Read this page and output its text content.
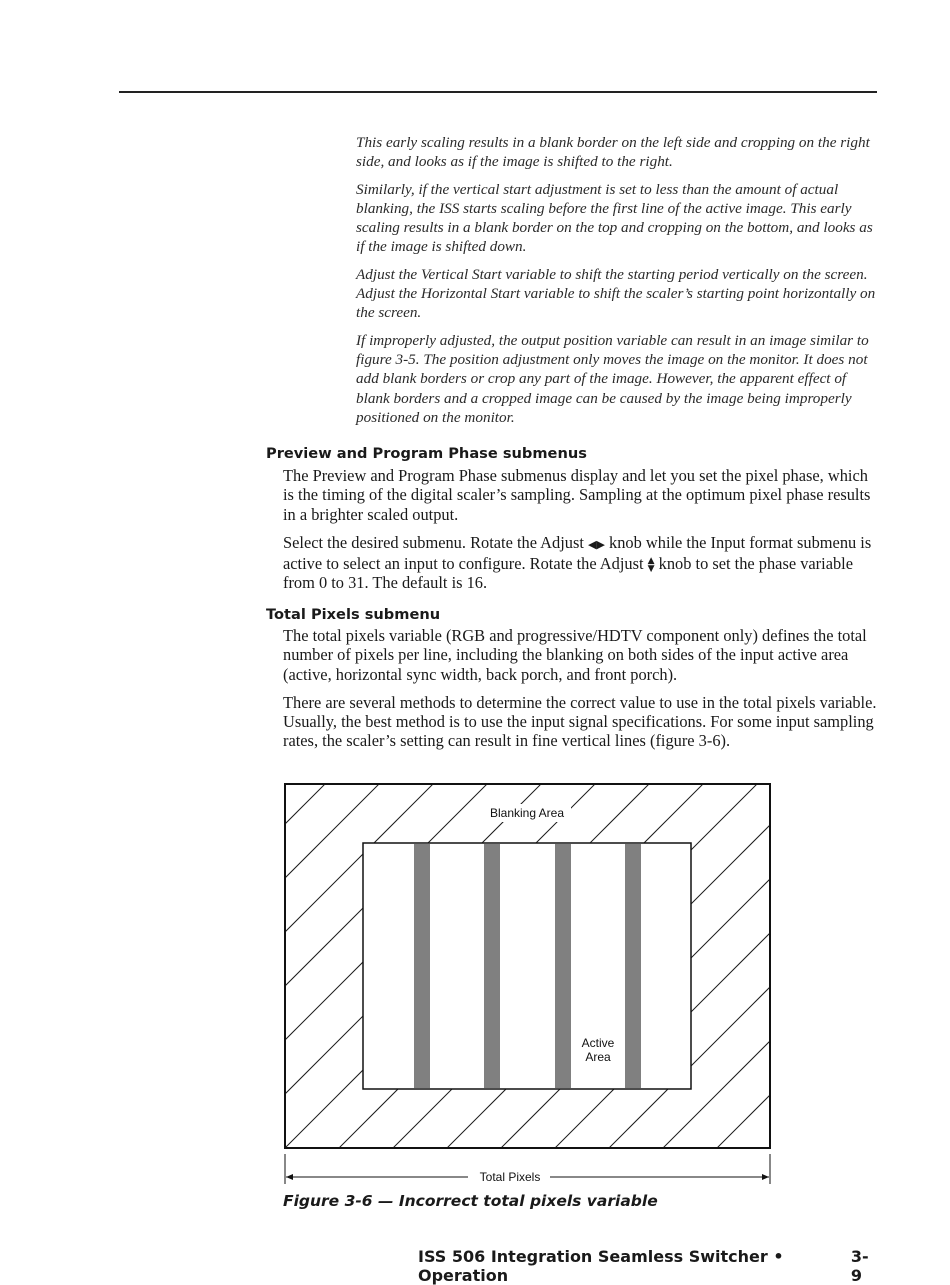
This early scaling results in a blank border on the left side and cropping on the right side, and looks as if the image is shifted to the right.

Similarly, if the vertical start adjustment is set to less than the amount of actual blanking, the ISS starts scaling before the first line of the active image. This early scaling results in a blank border on the top and cropping on the bottom, and looks as if the image is shifted down.

Adjust the Vertical Start variable to shift the starting period vertically on the screen. Adjust the Horizontal Start variable to shift the scaler’s starting point horizontally on the screen.

If improperly adjusted, the output position variable can result in an image similar to figure 3-5. The position adjustment only moves the image on the monitor. It does not add blank borders or crop any part of the image. However, the apparent effect of blank borders and a cropped image can be caused by the image being improperly positioned on the monitor.

Preview and Program Phase submenus

The Preview and Program Phase submenus display and let you set the pixel phase, which is the timing of the digital scaler’s sampling. Sampling at the optimum pixel phase results in a brighter scaled output.

Select the desired submenu. Rotate the Adjust ◀▶ knob while the Input format submenu is active to select an input to configure. Rotate the Adjust ▲
▼ knob to set the phase variable from 0 to 31. The default is 16.

Total Pixels submenu

The total pixels variable (RGB and progressive/HDTV component only) defines the total number of pixels per line, including the blanking on both sides of the input active area (active, horizontal sync width, back porch, and front porch).

There are several methods to determine the correct value to use in the total pixels variable. Usually, the best method is to use the input signal specifications. For some input sampling rates, the scaler’s setting can result in fine vertical lines (figure 3-6).

Blanking Area
Active
Area
Total Pixels
Figure 3-6 — Incorrect total pixels variable
ISS 506 Integration Seamless Switcher • Operation
3-9
